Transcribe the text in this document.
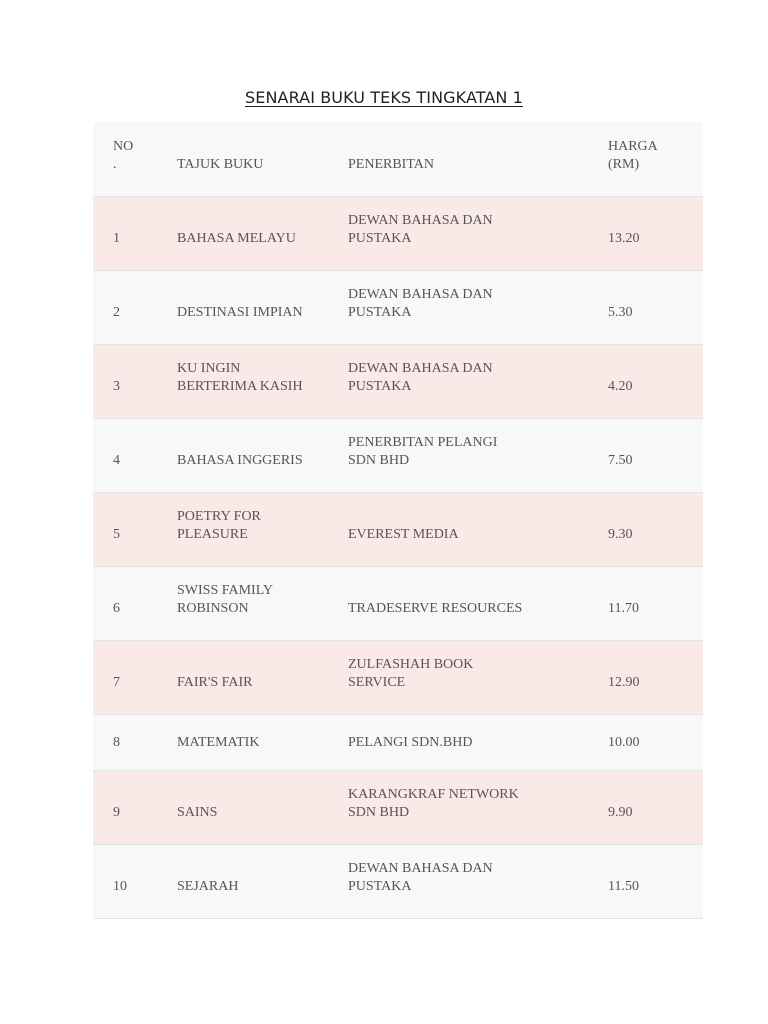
SENARAI BUKU TEKS TINGKATAN 1
NO
.	TAJUK BUKU	PENERBITAN	HARGA
(RM)
1	BAHASA MELAYU	DEWAN BAHASA DAN
PUSTAKA	13.20
2	DESTINASI IMPIAN	DEWAN BAHASA DAN
PUSTAKA	5.30
3	KU INGIN
BERTERIMA KASIH	DEWAN BAHASA DAN
PUSTAKA	4.20
4	BAHASA INGGERIS	PENERBITAN PELANGI
SDN BHD	7.50
5	POETRY FOR
PLEASURE	EVEREST MEDIA	9.30
6	SWISS FAMILY
ROBINSON	TRADESERVE RESOURCES	11.70
7	FAIR'S FAIR	ZULFASHAH BOOK
SERVICE	12.90
8	MATEMATIK	PELANGI SDN.BHD	10.00
9	SAINS	KARANGKRAF NETWORK
SDN BHD	9.90
10	SEJARAH	DEWAN BAHASA DAN
PUSTAKA	11.50
